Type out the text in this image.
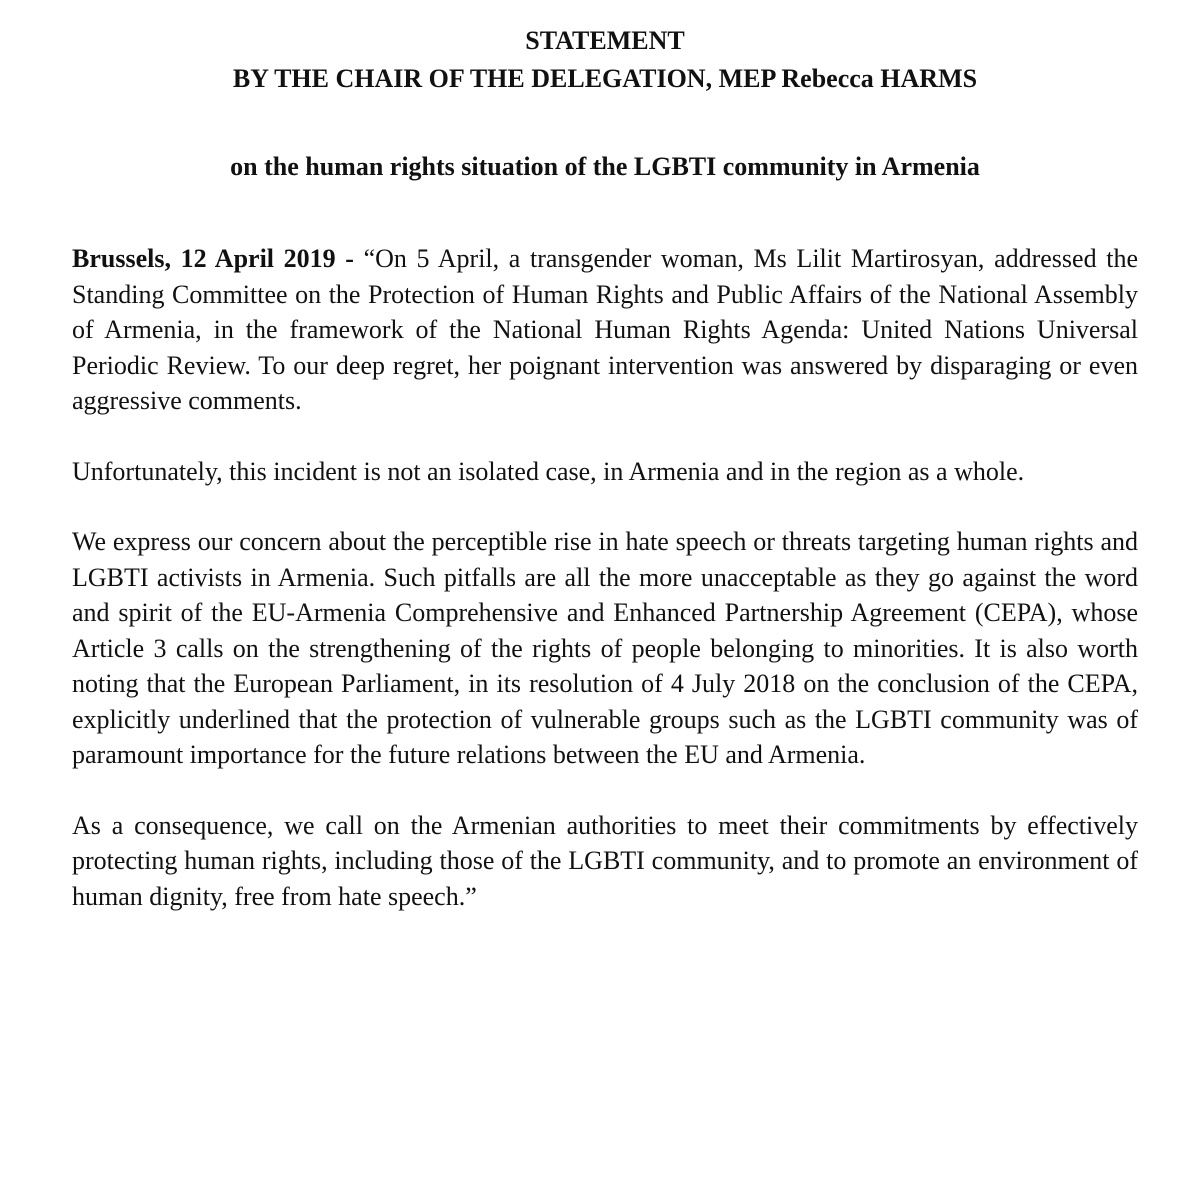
STATEMENT

BY THE CHAIR OF THE DELEGATION, MEP Rebecca HARMS

on the human rights situation of the LGBTI community in Armenia

Brussels, 12 April 2019 - “On 5 April, a transgender woman, Ms Lilit Martirosyan, addressed the Standing Committee on the Protection of Human Rights and Public Affairs of the National Assembly of Armenia, in the framework of the National Human Rights Agenda: United Nations Universal Periodic Review. To our deep regret, her poignant intervention was answered by disparaging or even aggressive comments.

Unfortunately, this incident is not an isolated case, in Armenia and in the region as a whole.

We express our concern about the perceptible rise in hate speech or threats targeting human rights and LGBTI activists in Armenia. Such pitfalls are all the more unacceptable as they go against the word and spirit of the EU-Armenia Comprehensive and Enhanced Partnership Agreement (CEPA), whose Article 3 calls on the strengthening of the rights of people belonging to minorities. It is also worth noting that the European Parliament, in its resolution of 4 July 2018 on the conclusion of the CEPA, explicitly underlined that the protection of vulnerable groups such as the LGBTI community was of paramount importance for the future relations between the EU and Armenia.

As a consequence, we call on the Armenian authorities to meet their commitments by effectively protecting human rights, including those of the LGBTI community, and to promote an environment of human dignity, free from hate speech.”
